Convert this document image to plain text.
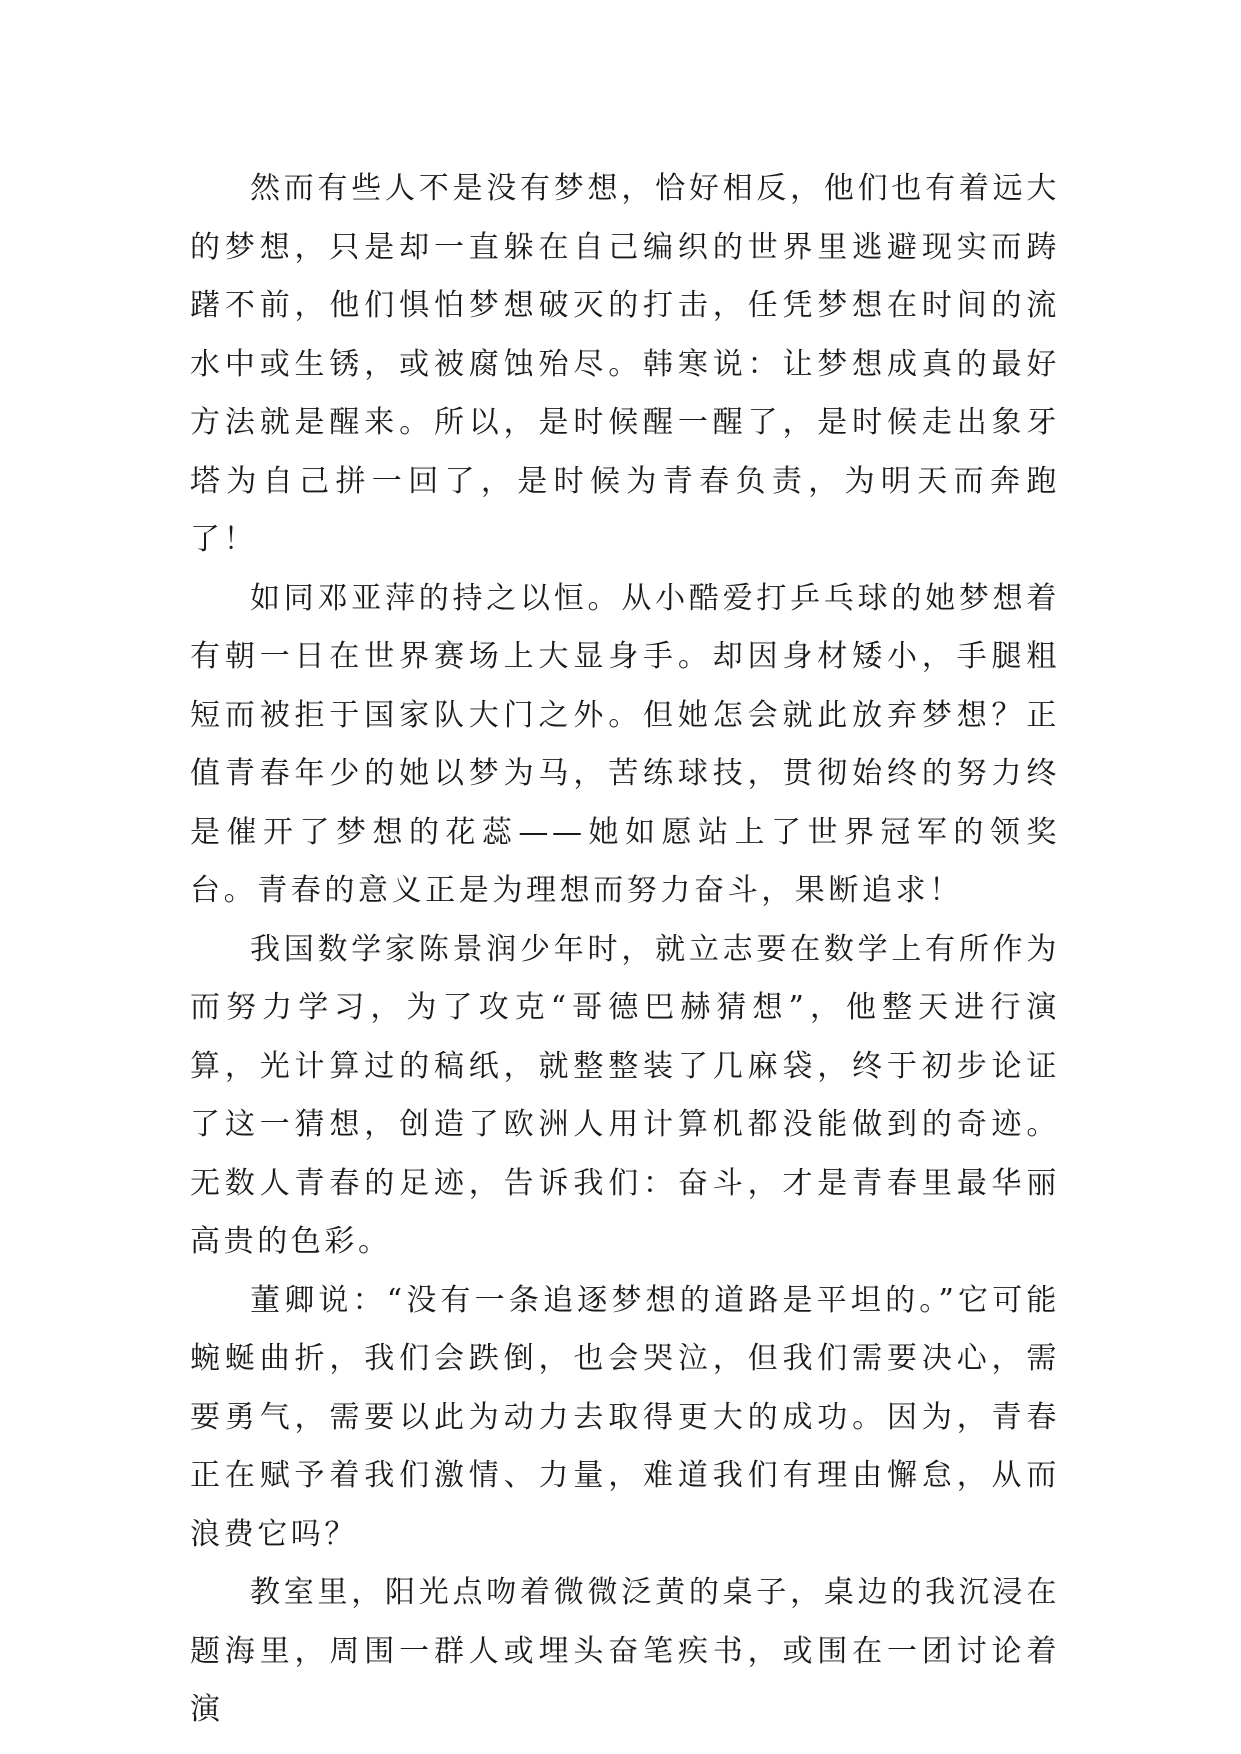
然而有些人不是没有梦想，恰好相反，他们也有着远大的梦想，只是却一直躲在自己编织的世界里逃避现实而踌躇不前，他们惧怕梦想破灭的打击，任凭梦想在时间的流水中或生锈，或被腐蚀殆尽。韩寒说：让梦想成真的最好方法就是醒来。所以，是时候醒一醒了，是时候走出象牙塔为自己拼一回了，是时候为青春负责，为明天而奔跑了！

如同邓亚萍的持之以恒。从小酷爱打乒乓球的她梦想着有朝一日在世界赛场上大显身手。却因身材矮小，手腿粗短而被拒于国家队大门之外。但她怎会就此放弃梦想？正值青春年少的她以梦为马，苦练球技，贯彻始终的努力终是催开了梦想的花蕊——她如愿站上了世界冠军的领奖台。青春的意义正是为理想而努力奋斗，果断追求！

我国数学家陈景润少年时，就立志要在数学上有所作为而努力学习，为了攻克“哥德巴赫猜想”，他整天进行演算，光计算过的稿纸，就整整装了几麻袋，终于初步论证了这一猜想，创造了欧洲人用计算机都没能做到的奇迹。无数人青春的足迹，告诉我们：奋斗，才是青春里最华丽高贵的色彩。

董卿说：“没有一条追逐梦想的道路是平坦的。”它可能蜿蜒曲折，我们会跌倒，也会哭泣，但我们需要决心，需要勇气，需要以此为动力去取得更大的成功。因为，青春正在赋予着我们激情、力量，难道我们有理由懈怠，从而浪费它吗？

教室里，阳光点吻着微微泛黄的桌子，桌边的我沉浸在题海里，周围一群人或埋头奋笔疾书，或围在一团讨论着演
